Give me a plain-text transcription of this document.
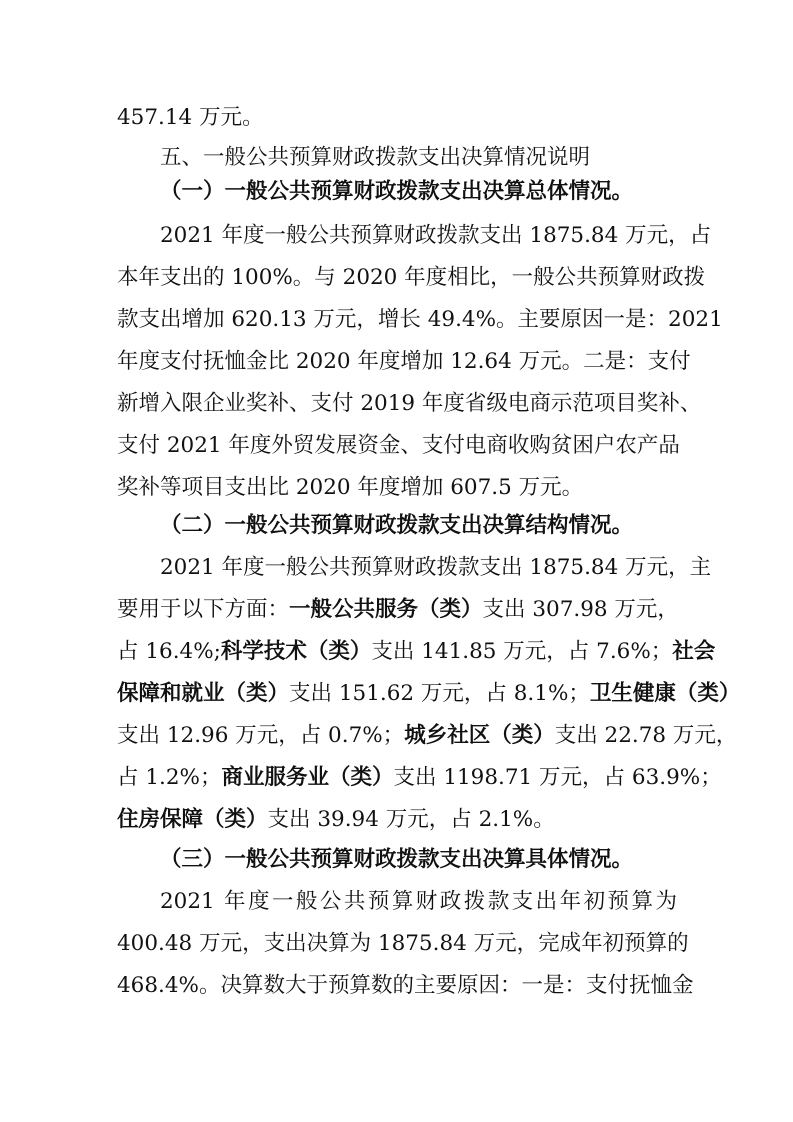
457.14 万元。
五、一般公共预算财政拨款支出决算情况说明
（一）一般公共预算财政拨款支出决算总体情况。
2021 年度一般公共预算财政拨款支出 1875.84 万元，占
本年支出的 100%。与 2020 年度相比，一般公共预算财政拨
款支出增加 620.13 万元，增长 49.4%。主要原因一是：2021
年度支付抚恤金比 2020 年度增加 12.64 万元。二是：支付
新增入限企业奖补、支付 2019 年度省级电商示范项目奖补、
支付 2021 年度外贸发展资金、支付电商收购贫困户农产品
奖补等项目支出比 2020 年度增加 607.5 万元。
（二）一般公共预算财政拨款支出决算结构情况。
2021 年度一般公共预算财政拨款支出 1875.84 万元，主
要用于以下方面：一般公共服务（类）支出 307.98 万元，
占 16.4%;科学技术（类）支出 141.85 万元，占 7.6%；社会
保障和就业（类）支出 151.62 万元，占 8.1%；卫生健康（类）
支出 12.96 万元，占 0.7%；城乡社区（类）支出 22.78 万元，
占 1.2%；商业服务业（类）支出 1198.71 万元，占 63.9%；
住房保障（类）支出 39.94 万元，占 2.1%。
（三）一般公共预算财政拨款支出决算具体情况。
2021 年度一般公共预算财政拨款支出年初预算为
400.48 万元，支出决算为 1875.84 万元，完成年初预算的
468.4%。决算数大于预算数的主要原因：一是：支付抚恤金
